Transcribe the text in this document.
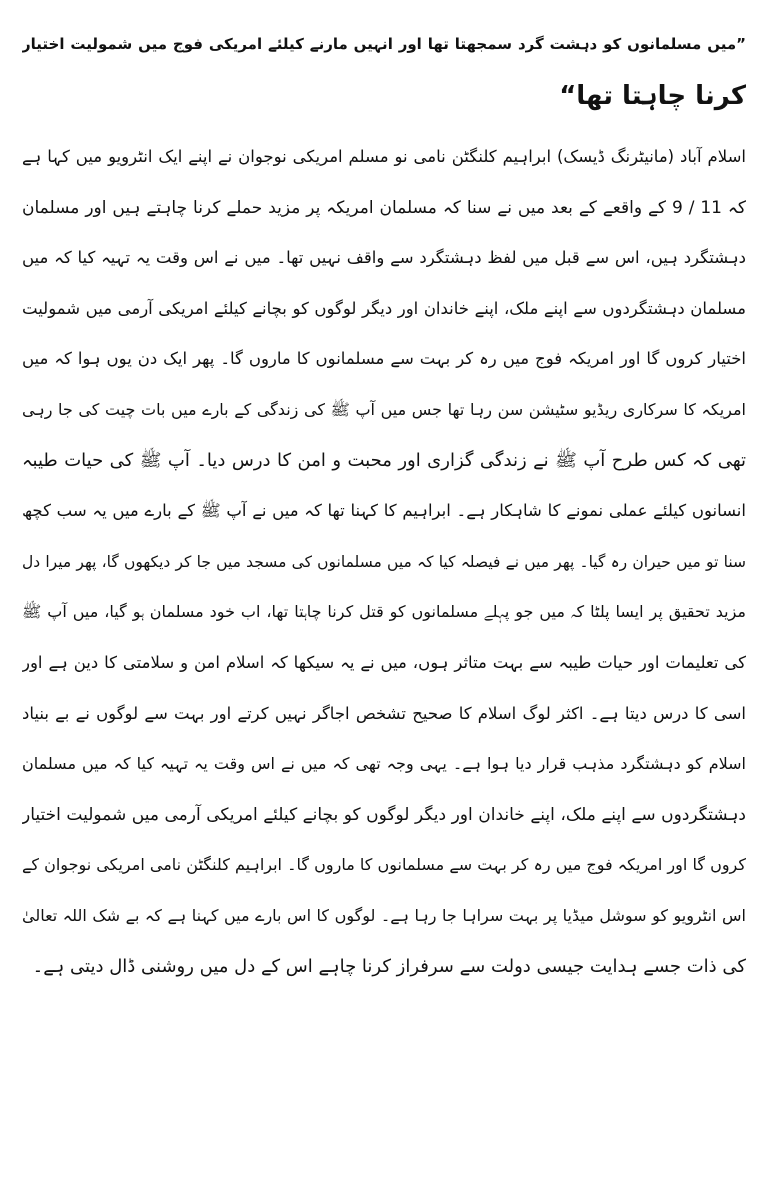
”میں مسلمانوں کو دہشت گرد سمجھتا تھا اور انہیں مارنے کیلئے امریکی فوج میں شمولیت اختیار
کرنا چاہتا تھا“
اسلام آباد (مانیٹرنگ ڈیسک) ابراہیم کلنگٹن نامی نو مسلم امریکی نوجوان نے اپنے ایک انٹرویو میں کہا ہے
کہ 11 / 9 کے واقعے کے بعد میں نے سنا کہ مسلمان امریکہ پر مزید حملے کرنا چاہتے ہیں اور مسلمان
دہشتگرد ہیں، اس سے قبل میں لفظ دہشتگرد سے واقف نہیں تھا۔ میں نے اس وقت یہ تہیہ کیا کہ میں
مسلمان دہشتگردوں سے اپنے ملک، اپنے خاندان اور دیگر لوگوں کو بچانے کیلئے امریکی آرمی میں شمولیت
اختیار کروں گا اور امریکہ فوج میں رہ کر بہت سے مسلمانوں کا ماروں گا۔ پھر ایک دن یوں ہوا کہ میں
امریکہ کا سرکاری ریڈیو سٹیشن سن رہا تھا جس میں آپ ﷺ کی زندگی کے بارے میں بات چیت کی جا رہی
تھی کہ کس طرح آپ ﷺ نے زندگی گزاری اور محبت و امن کا درس دیا۔ آپ ﷺ کی حیات طیبہ
انسانوں کیلئے عملی نمونے کا شاہکار ہے۔ ابراہیم کا کہنا تھا کہ میں نے آپ ﷺ کے بارے میں یہ سب کچھ
سنا تو میں حیران رہ گیا۔ پھر میں نے فیصلہ کیا کہ میں مسلمانوں کی مسجد میں جا کر دیکھوں گا، پھر میرا دل
مزید تحقیق پر ایسا پلٹا کہ میں جو پہلے مسلمانوں کو قتل کرنا چاہتا تھا، اب خود مسلمان ہو گیا، میں آپ ﷺ
کی تعلیمات اور حیات طیبہ سے بہت متاثر ہوں، میں نے یہ سیکھا کہ اسلام امن و سلامتی کا دین ہے اور
اسی کا درس دیتا ہے۔ اکثر لوگ اسلام کا صحیح تشخص اجاگر نہیں کرتے اور بہت سے لوگوں نے بے بنیاد
اسلام کو دہشتگرد مذہب قرار دیا ہوا ہے۔ یہی وجہ تھی کہ میں نے اس وقت یہ تہیہ کیا کہ میں مسلمان
دہشتگردوں سے اپنے ملک، اپنے خاندان اور دیگر لوگوں کو بچانے کیلئے امریکی آرمی میں شمولیت اختیار
کروں گا اور امریکہ فوج میں رہ کر بہت سے مسلمانوں کا ماروں گا۔ ابراہیم کلنگٹن نامی امریکی نوجوان کے
اس انٹرویو کو سوشل میڈیا پر بہت سراہا جا رہا ہے۔ لوگوں کا اس بارے میں کہنا ہے کہ بے شک اللہ تعالیٰ
کی ذات جسے ہدایت جیسی دولت سے سرفراز کرنا چاہے اس کے دل میں روشنی ڈال دیتی ہے۔
